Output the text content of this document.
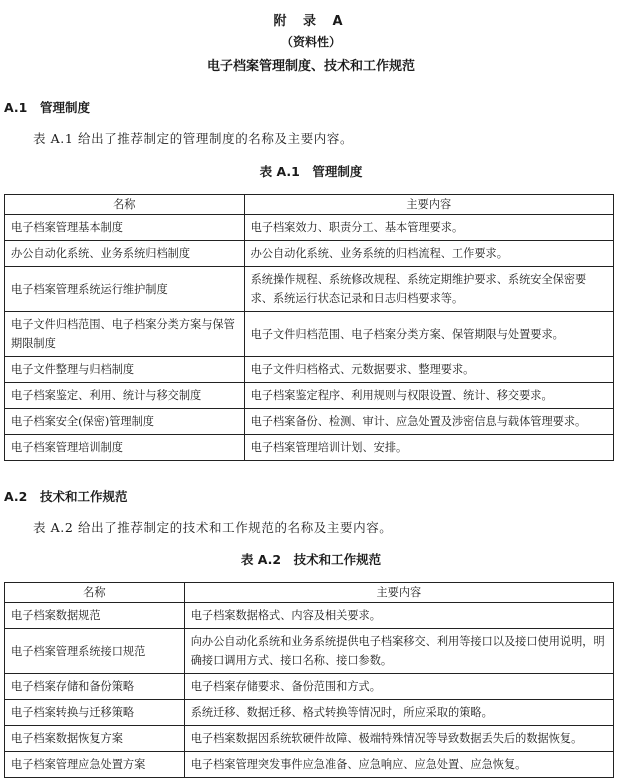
附 录 A
（资料性）
电子档案管理制度、技术和工作规范
A.1 管理制度
表 A.1 给出了推荐制定的管理制度的名称及主要内容。
表 A.1　管理制度
名称	主要内容
电子档案管理基本制度	电子档案效力、职责分工、基本管理要求。
办公自动化系统、业务系统归档制度	办公自动化系统、业务系统的归档流程、工作要求。
电子档案管理系统运行维护制度	系统操作规程、系统修改规程、系统定期维护要求、系统安全保密要求、系统运行状态记录和日志归档要求等。
电子文件归档范围、电子档案分类方案与保管期限制度	电子文件归档范围、电子档案分类方案、保管期限与处置要求。
电子文件整理与归档制度	电子文件归档格式、元数据要求、整理要求。
电子档案鉴定、利用、统计与移交制度	电子档案鉴定程序、利用规则与权限设置、统计、移交要求。
电子档案安全(保密)管理制度	电子档案备份、检测、审计、应急处置及涉密信息与载体管理要求。
电子档案管理培训制度	电子档案管理培训计划、安排。
A.2 技术和工作规范
表 A.2 给出了推荐制定的技术和工作规范的名称及主要内容。
表 A.2　技术和工作规范
名称	主要内容
电子档案数据规范	电子档案数据格式、内容及相关要求。
电子档案管理系统接口规范	向办公自动化系统和业务系统提供电子档案移交、利用等接口以及接口使用说明，明确接口调用方式、接口名称、接口参数。
电子档案存储和备份策略	电子档案存储要求、备份范围和方式。
电子档案转换与迁移策略	系统迁移、数据迁移、格式转换等情况时，所应采取的策略。
电子档案数据恢复方案	电子档案数据因系统软硬件故障、极端特殊情况等导致数据丢失后的数据恢复。
电子档案管理应急处置方案	电子档案管理突发事件应急准备、应急响应、应急处置、应急恢复。
